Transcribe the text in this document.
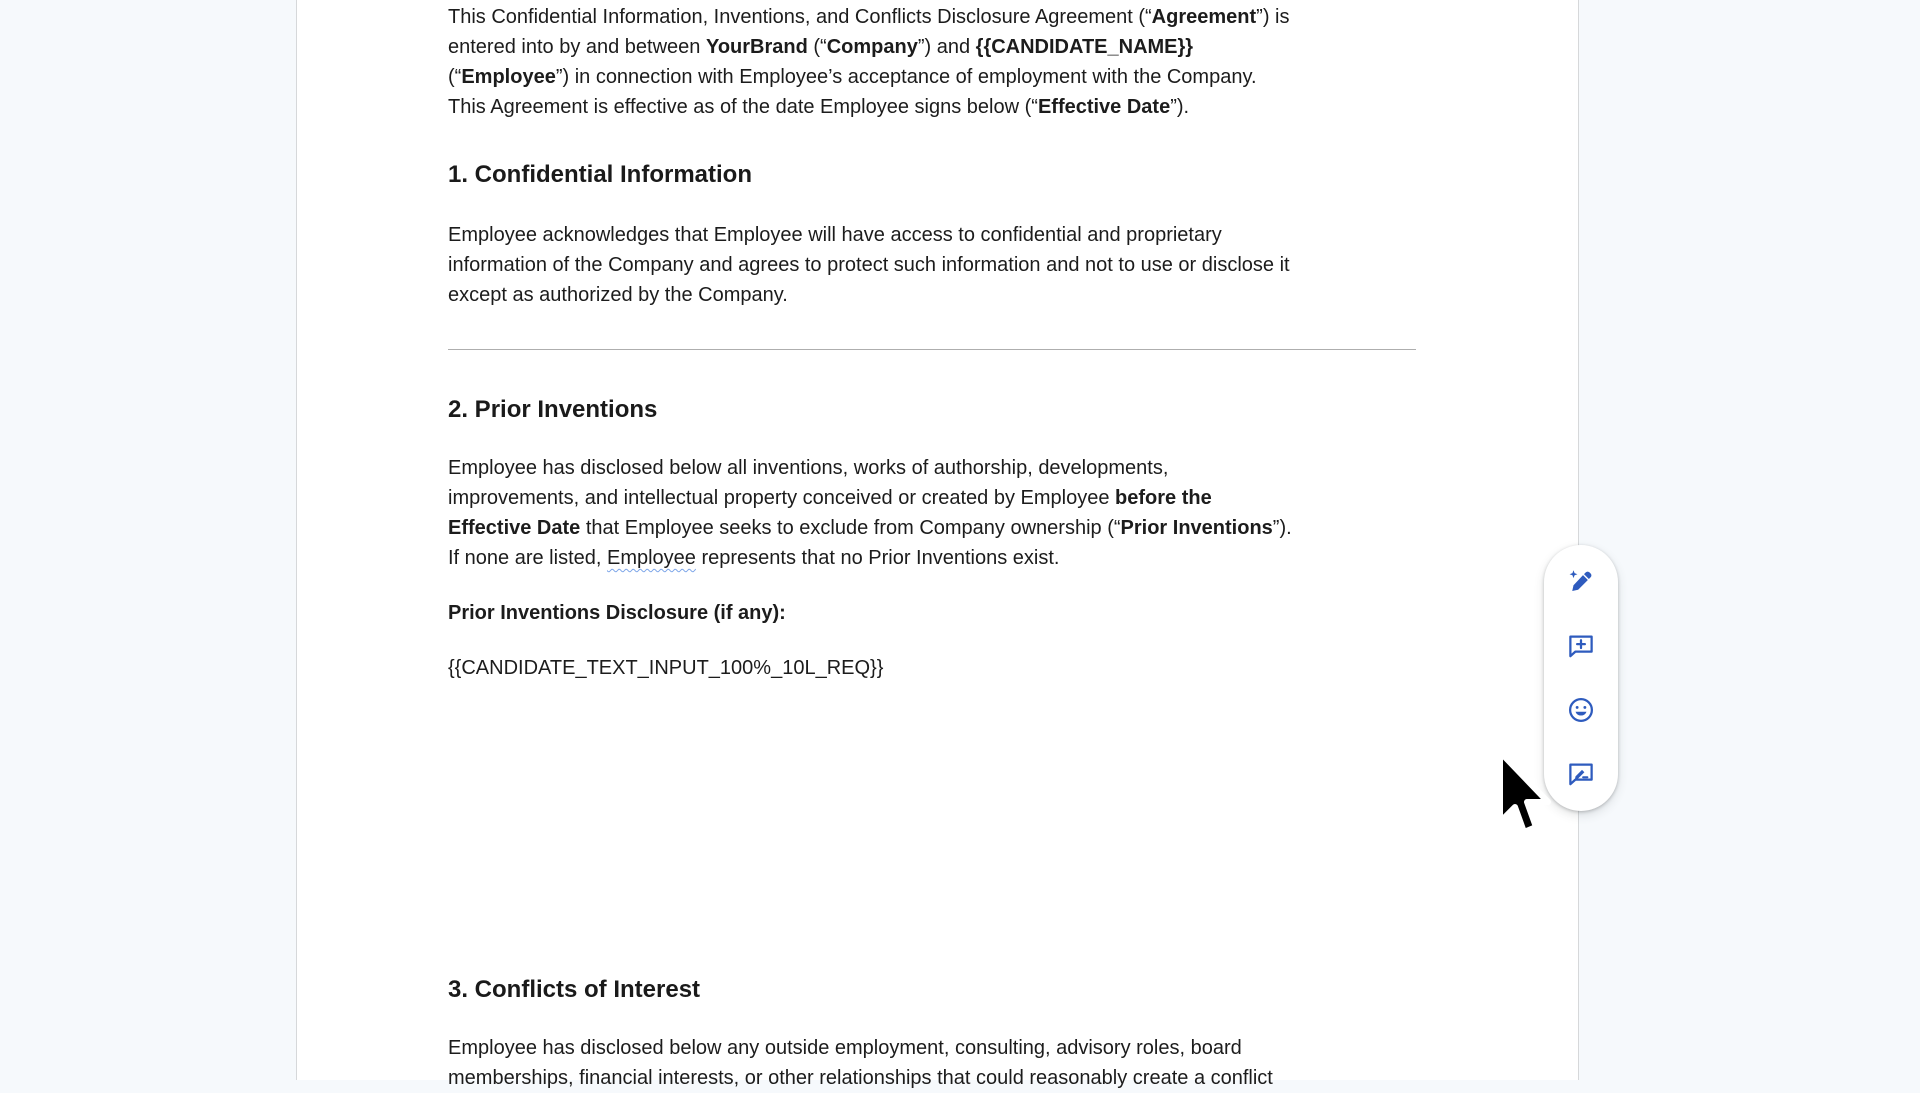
This Confidential Information, Inventions, and Conflicts Disclosure Agreement (“Agreement”) is
entered into by and between YourBrand (“Company”) and {{CANDIDATE_NAME}}
(“Employee”) in connection with Employee’s acceptance of employment with the Company.
This Agreement is effective as of the date Employee signs below (“Effective Date”).

1. Confidential Information

Employee acknowledges that Employee will have access to confidential and proprietary
information of the Company and agrees to protect such information and not to use or disclose it
except as authorized by the Company.

2. Prior Inventions

Employee has disclosed below all inventions, works of authorship, developments,
improvements, and intellectual property conceived or created by Employee before the
Effective Date that Employee seeks to exclude from Company ownership (“Prior Inventions”).
If none are listed, Employee represents that no Prior Inventions exist.

Prior Inventions Disclosure (if any):

{{CANDIDATE_TEXT_INPUT_100%_10L_REQ}}

3. Conflicts of Interest

Employee has disclosed below any outside employment, consulting, advisory roles, board
memberships, financial interests, or other relationships that could reasonably create a conflict
